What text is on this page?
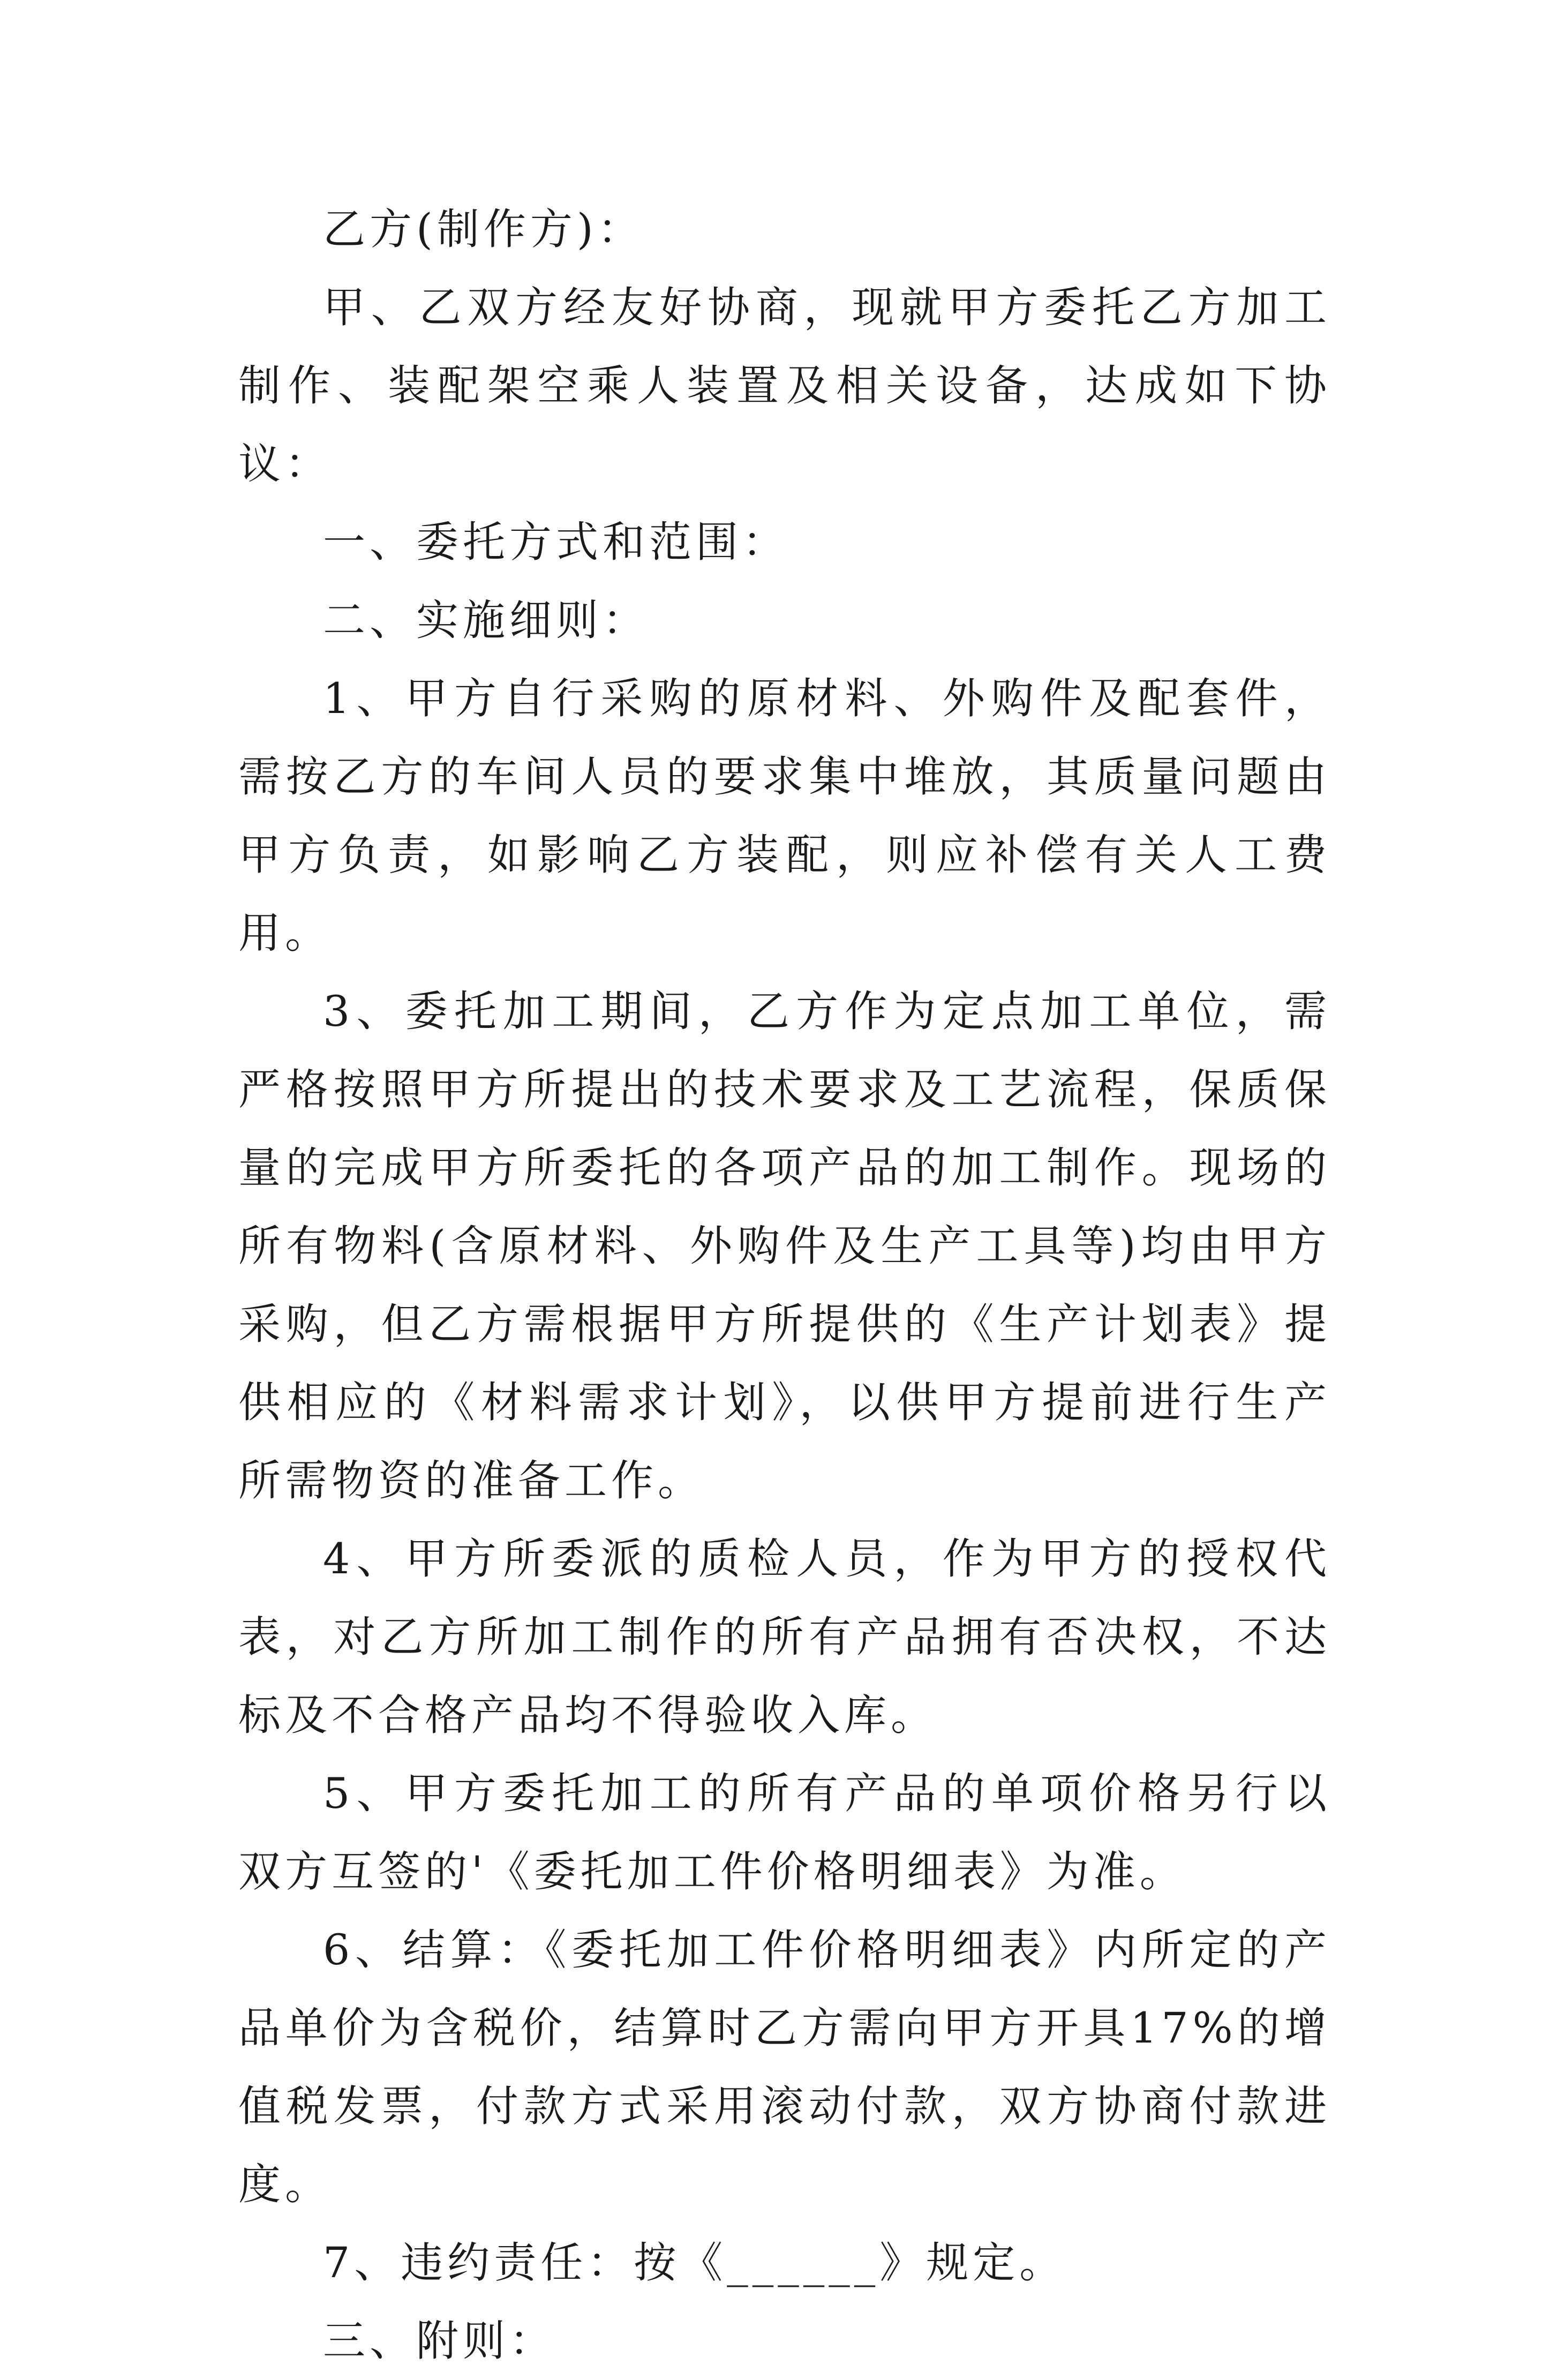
乙方(制作方)：

甲、乙双方经友好协商，现就甲方委托乙方加工制作、装配架空乘人装置及相关设备，达成如下协议：

一、委托方式和范围：

二、实施细则：

1、甲方自行采购的原材料、外购件及配套件，需按乙方的车间人员的要求集中堆放，其质量问题由甲方负责，如影响乙方装配，则应补偿有关人工费用。

3、委托加工期间，乙方作为定点加工单位，需严格按照甲方所提出的技术要求及工艺流程，保质保量的完成甲方所委托的各项产品的加工制作。现场的所有物料(含原材料、外购件及生产工具等)均由甲方采购，但乙方需根据甲方所提供的《生产计划表》提供相应的《材料需求计划》，以供甲方提前进行生产所需物资的准备工作。

4、甲方所委派的质检人员，作为甲方的授权代表，对乙方所加工制作的所有产品拥有否决权，不达标及不合格产品均不得验收入库。

5、甲方委托加工的所有产品的单项价格另行以双方互签的'《委托加工件价格明细表》为准。

6、结算：《委托加工件价格明细表》内所定的产品单价为含税价，结算时乙方需向甲方开具17%的增值税发票，付款方式采用滚动付款，双方协商付款进度。

7、违约责任：按《______》规定。

三、附则：
